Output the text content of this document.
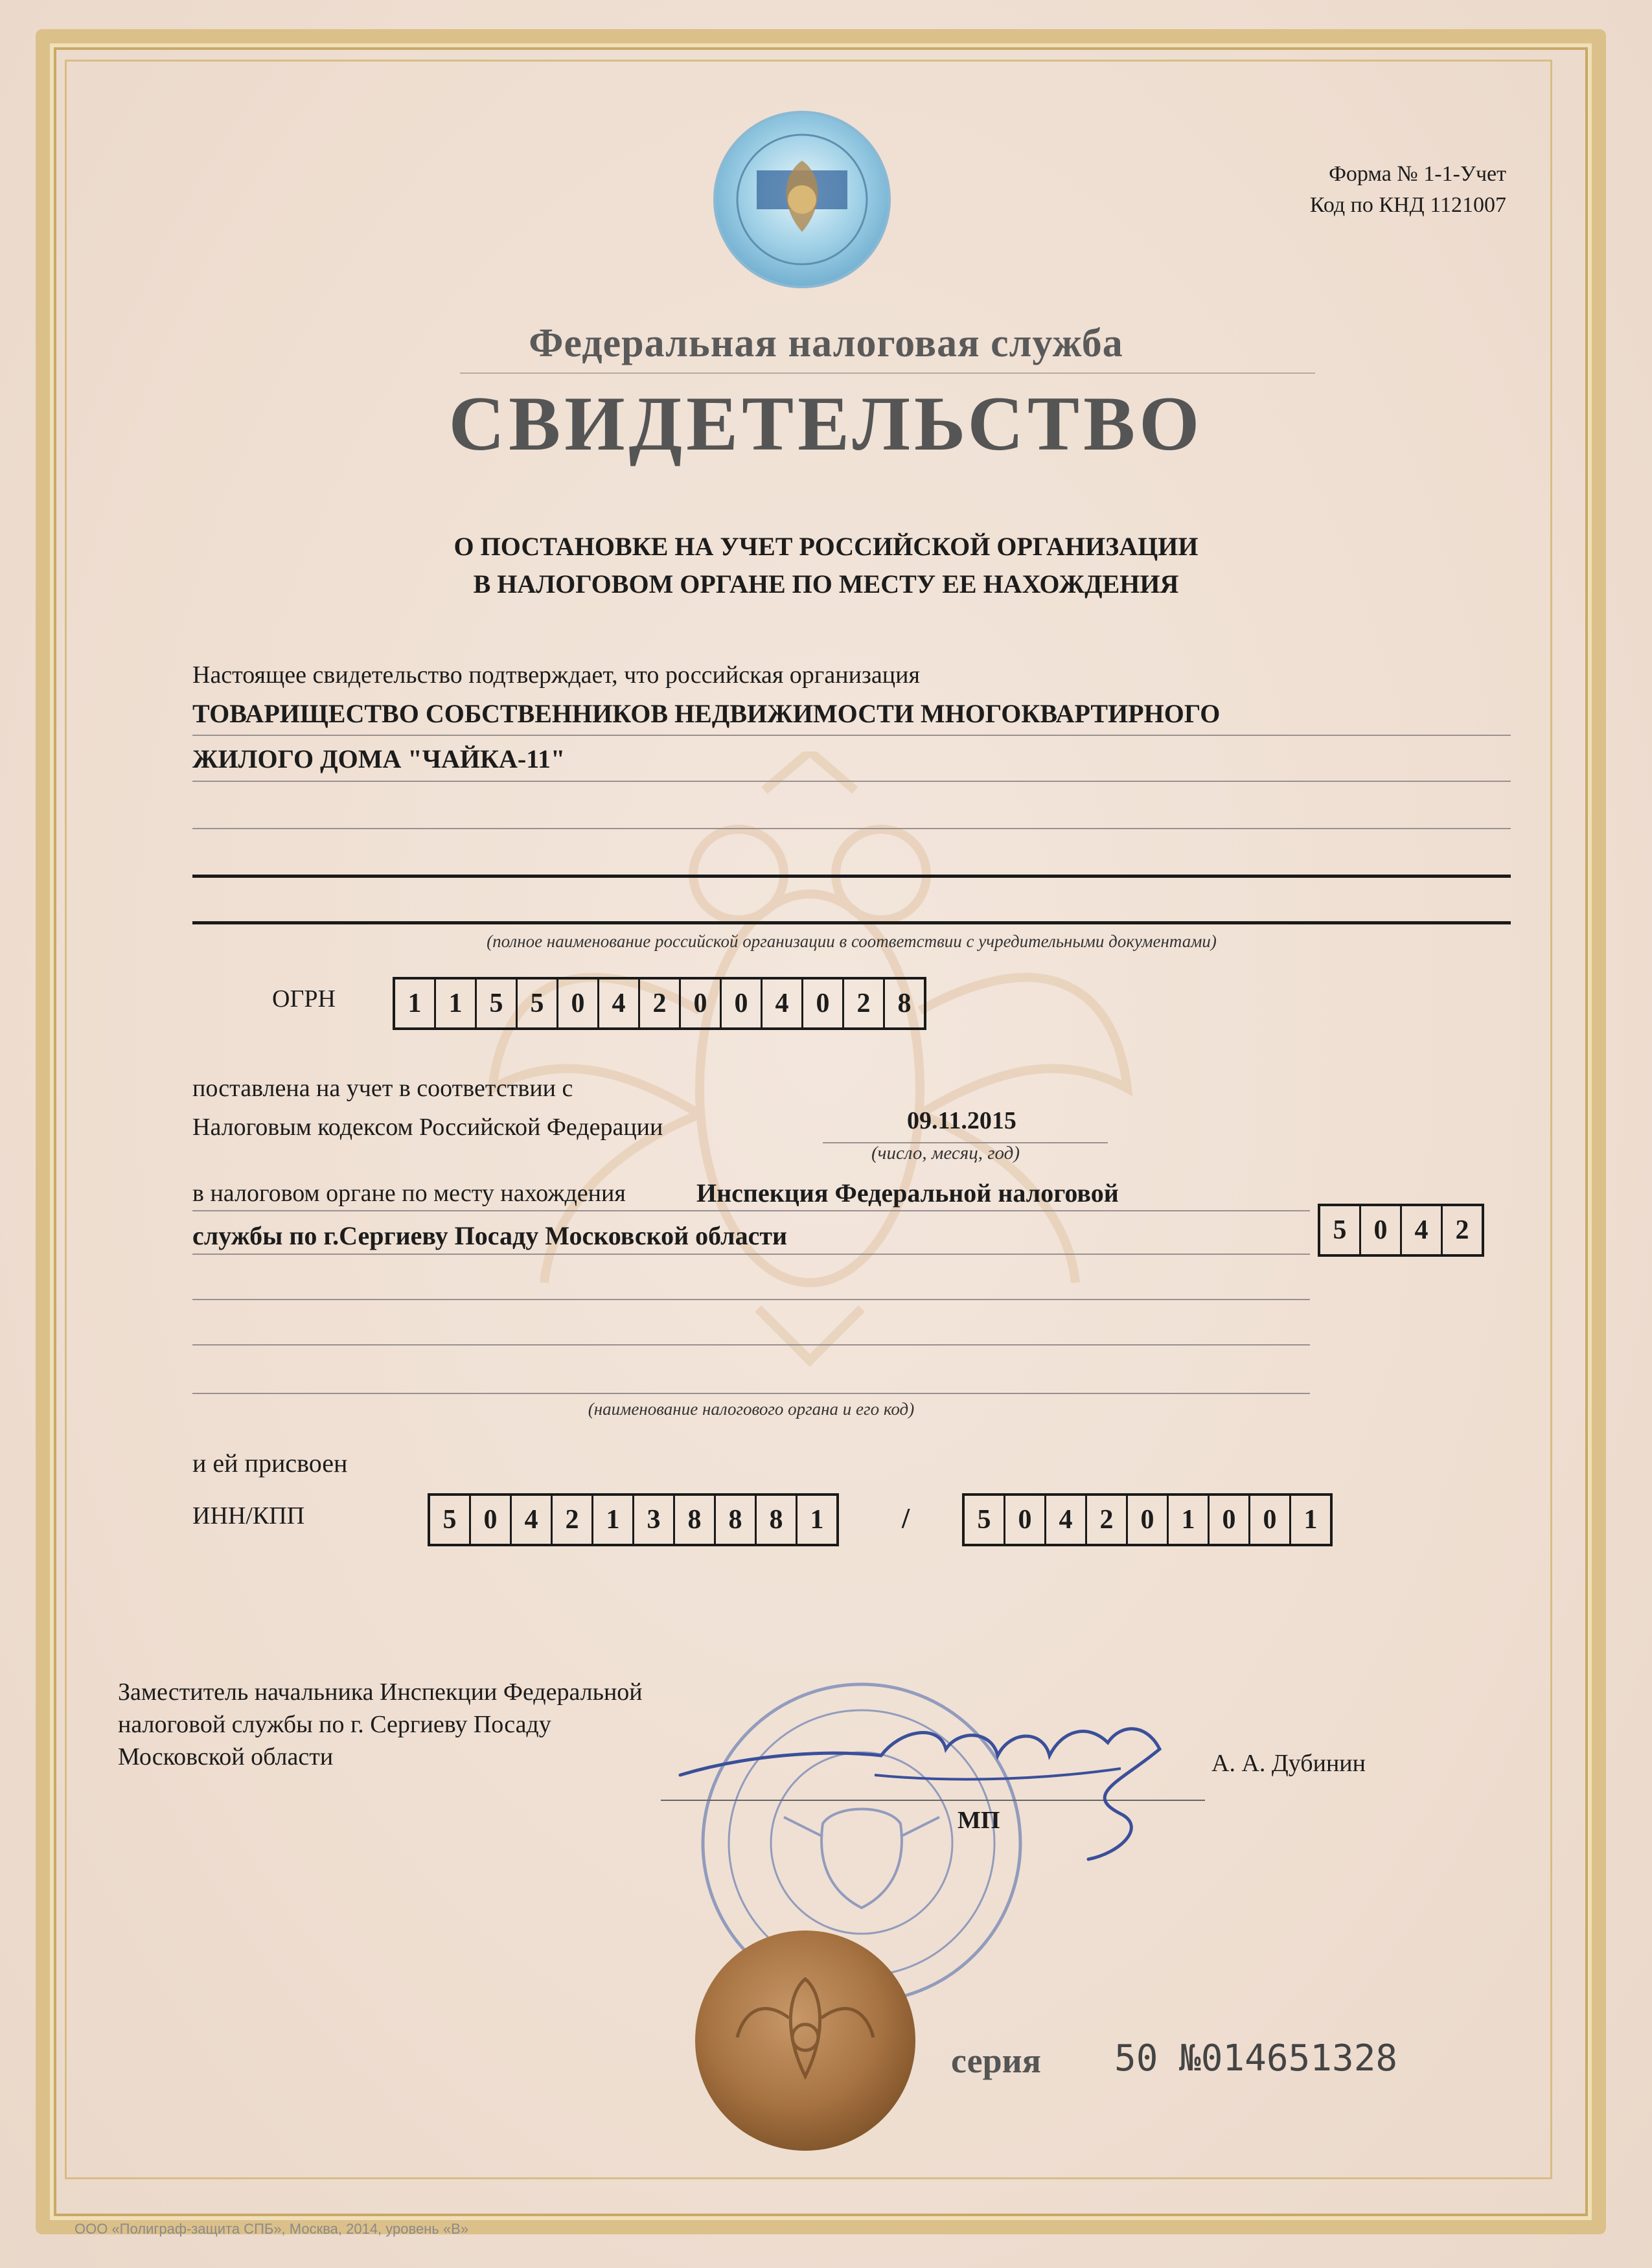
Форма № 1-1-Учет
Код по КНД 1121007
Федеральная налоговая служба
СВИДЕТЕЛЬСТВО
О ПОСТАНОВКЕ НА УЧЕТ РОССИЙСКОЙ ОРГАНИЗАЦИИ
В НАЛОГОВОМ ОРГАНЕ ПО МЕСТУ ЕЕ НАХОЖДЕНИЯ
Настоящее свидетельство подтверждает, что российская организация
ТОВАРИЩЕСТВО СОБСТВЕННИКОВ НЕДВИЖИМОСТИ МНОГОКВАРТИРНОГО
ЖИЛОГО ДОМА "ЧАЙКА-11"
(полное наименование российской организации в соответствии с учредительными документами)
ОГРН	1	1	5	5	0	4	2	0	0	4	0	2	8
поставлена на учет в соответствии с
Налоговым кодексом Российской Федерации	09.11.2015
(число, месяц, год)
в налоговом органе по месту нахождения	Инспекция Федеральной налоговой
службы по г.Сергиеву Посаду Московской области	5	0	4	2
(наименование налогового органа и его код)
и ей присвоен
ИНН/КПП	5	0	4	2	1	3	8	8	8	1	/	5	0	4	2	0	1	0	0	1
Заместитель начальника Инспекции Федеральной
налоговой службы по г. Сергиеву Посаду
Московской области	А. А. Дубинин
МП
серия 50 №014651328
ООО «Полиграф-защита СПБ», Москва, 2014, уровень «В»
